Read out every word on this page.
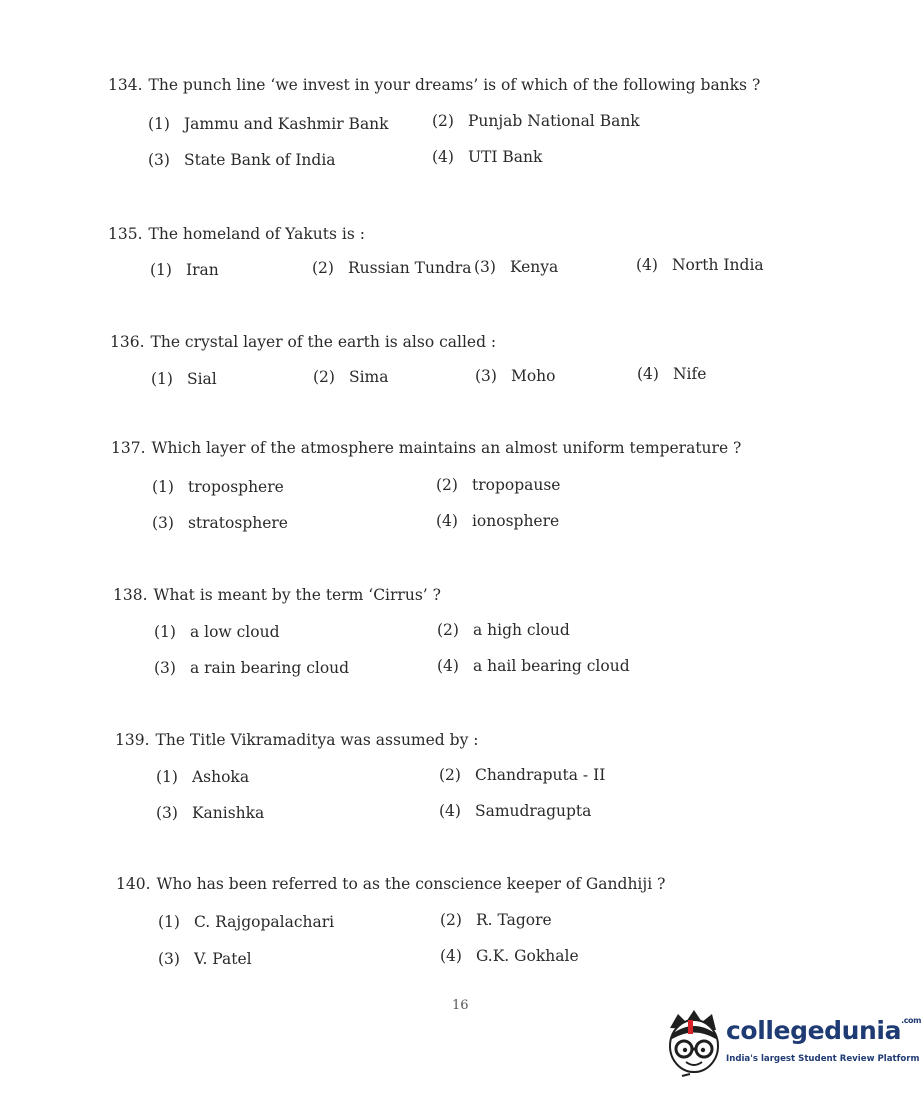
134. The punch line ‘we invest in your dreams’ is of which of the following banks ?
(1) Jammu and Kashmir Bank	(2) Punjab National Bank
(3) State Bank of India	(4) UTI Bank
135. The homeland of Yakuts is :
(1) Iran	(2) Russian Tundra (3) Kenya	(4) North India
136. The crystal layer of the earth is also called :
(1) Sial	(2) Sima	(3) Moho	(4) Nife
137. Which layer of the atmosphere maintains an almost uniform temperature ?
(1) troposphere	(2) tropopause
(3) stratosphere	(4) ionosphere
138. What is meant by the term ‘Cirrus’ ?
(1) a low cloud	(2) a high cloud
(3) a rain bearing cloud	(4) a hail bearing cloud
139. The Title Vikramaditya was assumed by :
(1) Ashoka	(2) Chandraputa - II
(3) Kanishka	(4) Samudragupta
140. Who has been referred to as the conscience keeper of Gandhiji ?
(1) C. Rajgopalachari	(2) R. Tagore
(3) V. Patel	(4) G.K. Gokhale
16
collegedunia$^{.com}$
India's largest Student Review Platform
